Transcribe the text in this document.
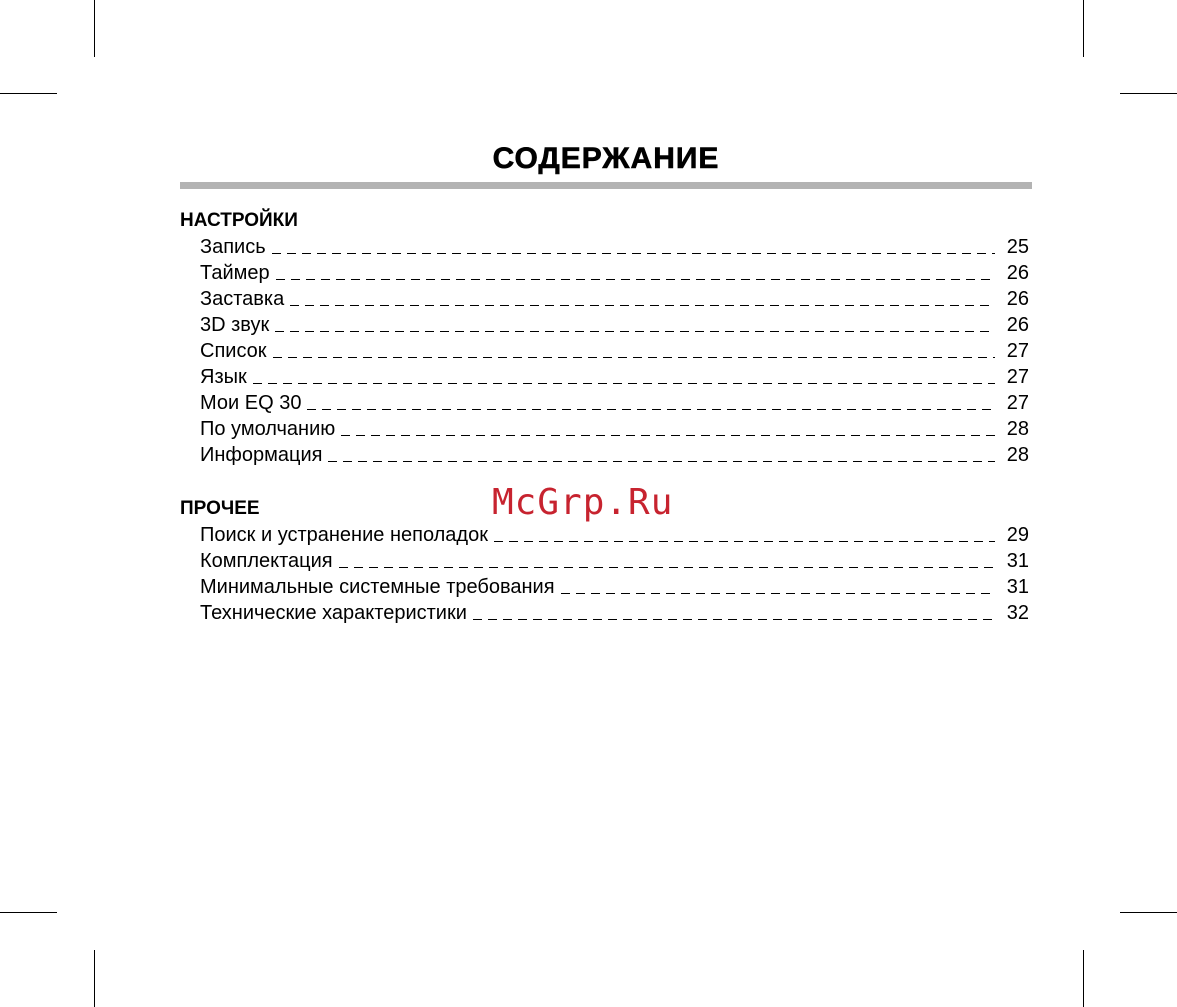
СОДЕРЖАНИЕ
НАСТРОЙКИ
Запись	25
Таймер	26
Заставка	26
3D звук	26
Список	27
Язык	27
Мои EQ 30	27
По умолчанию	28
Информация	28
ПРОЧЕЕ
Поиск и устранение неполадок	29
Комплектация	31
Минимальные системные требования	31
Технические характеристики	32
McGrp.Ru
